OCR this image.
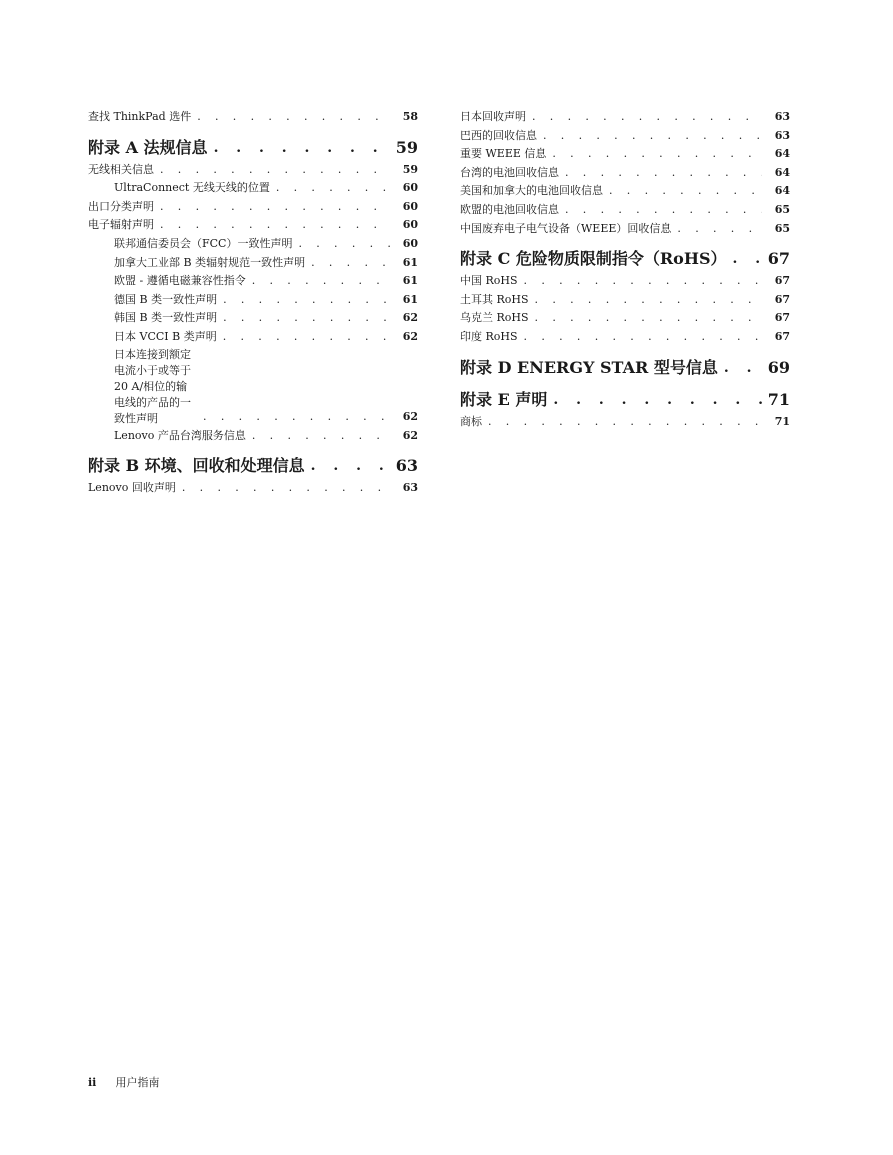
查找 ThinkPad 选件 . . .	58
附录 A 法规信息 . . .	59
无线相关信息 . . .	59
UltraConnect 无线天线的位置 . . .	60
出口分类声明 . . .	60
电子辐射声明 . . .	60
联邦通信委员会（FCC）一致性声明 . . .	60
加拿大工业部 B 类辐射规范一致性声明 . . .	61
欧盟 - 遵循电磁兼容性指令 . . .	61
德国 B 类一致性声明 . . .	61
韩国 B 类一致性声明 . . .	62
日本 VCCI B 类声明 . . .	62
日本连接到额定电流小于或等于 20 A/相位的输电线的产品的一致性声明 . . .	62
Lenovo 产品台湾服务信息 . . .	62
附录 B 环境、回收和处理信息 . . .	63
Lenovo 回收声明 . . .	63
日本回收声明 . . .	63
巴西的回收信息 . . .	63
重要 WEEE 信息 . . .	64
台湾的电池回收信息 . . .	64
美国和加拿大的电池回收信息 . . .	64
欧盟的电池回收信息 . . .	65
中国废弃电子电气设备（WEEE）回收信息 . . .	65
附录 C 危险物质限制指令（RoHS） . . .	67
中国 RoHS . . .	67
土耳其 RoHS . . .	67
乌克兰 RoHS . . .	67
印度 RoHS . . .	67
附录 D ENERGY STAR 型号信息 . . .	69
附录 E 声明 . . .	71
商标 . . .	71
ii 用户指南
